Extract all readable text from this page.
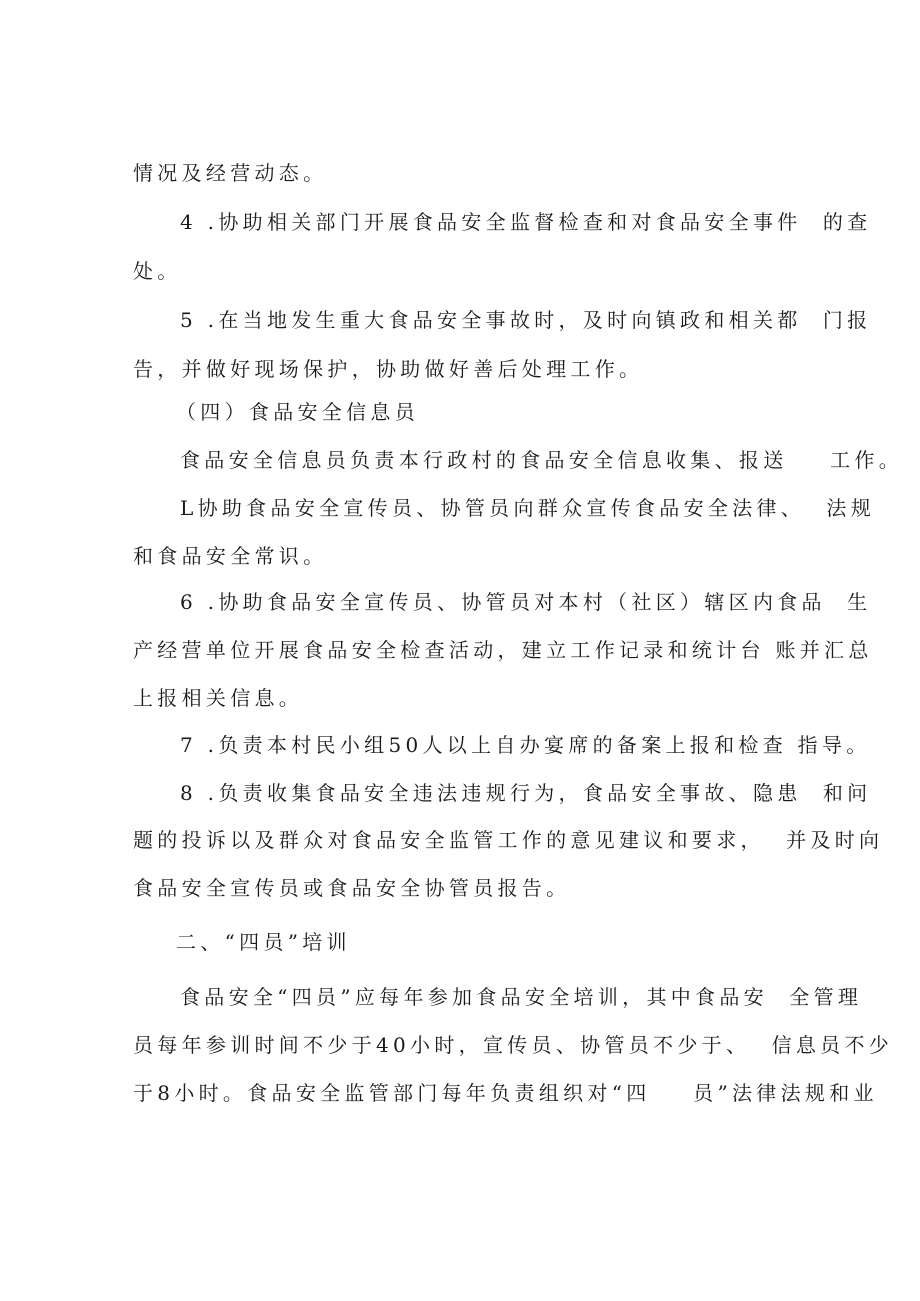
情况及经营动态。
4 .协助相关部门开展食品安全监督检查和对食品安全事件  的查
处。
5 .在当地发生重大食品安全事故时，及时向镇政和相关都  门报
告，并做好现场保护，协助做好善后处理工作。
（四）食品安全信息员
食品安全信息员负责本行政村的食品安全信息收集、报送    工作。
L协助食品安全宣传员、协管员向群众宣传食品安全法律、  法规
和食品安全常识。
6 .协助食品安全宣传员、协管员对本村（社区）辖区内食品  生
产经营单位开展食品安全检查活动，建立工作记录和统计台 账并汇总
上报相关信息。
7 .负责本村民小组50人以上自办宴席的备案上报和检查 指导。
8 .负责收集食品安全违法违规行为，食品安全事故、隐患  和问
题的投诉以及群众对食品安全监管工作的意见建议和要求，  并及时向
食品安全宣传员或食品安全协管员报告。
二、“四员”培训
食品安全“四员”应每年参加食品安全培训，其中食品安  全管理
员每年参训时间不少于40小时，宣传员、协管员不少于、  信息员不少
于8小时。食品安全监管部门每年负责组织对“四    员”法律法规和业
